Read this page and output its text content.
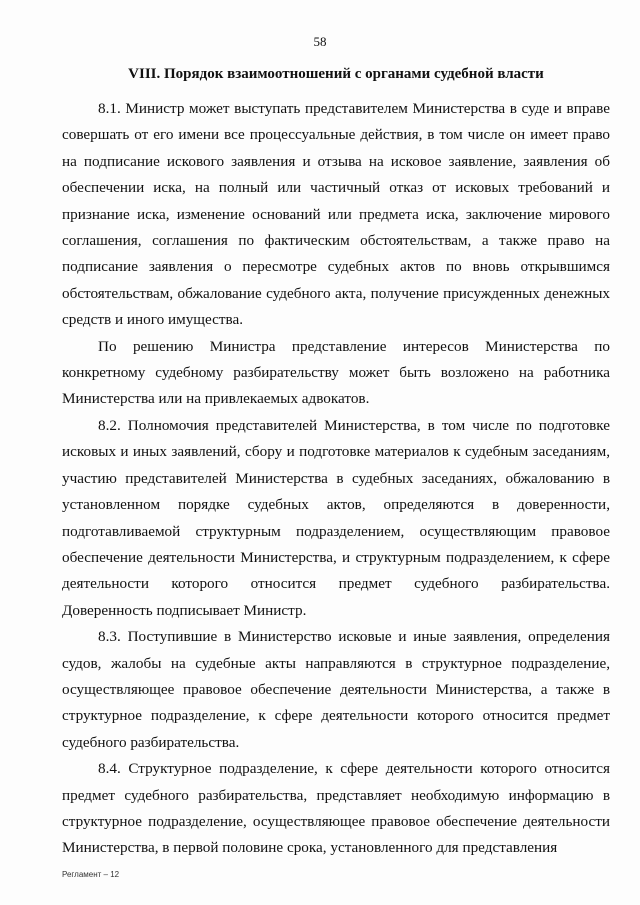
58
VIII. Порядок взаимоотношений с органами судебной власти

8.1. Министр может выступать представителем Министерства в суде и вправе совершать от его имени все процессуальные действия, в том числе он имеет право на подписание искового заявления и отзыва на исковое заявление, заявления об обеспечении иска, на полный или частичный отказ от исковых требований и признание иска, изменение оснований или предмета иска, заключение мирового соглашения, соглашения по фактическим обстоятельствам, а также право на подписание заявления о пересмотре судебных актов по вновь открывшимся обстоятельствам, обжалование судебного акта, получение присужденных денежных средств и иного имущества.

По решению Министра представление интересов Министерства по конкретному судебному разбирательству может быть возложено на работника Министерства или на привлекаемых адвокатов.

8.2. Полномочия представителей Министерства, в том числе по подготовке исковых и иных заявлений, сбору и подготовке материалов к судебным заседаниям, участию представителей Министерства в судебных заседаниях, обжалованию в установленном порядке судебных актов, определяются в доверенности, подготавливаемой структурным подразделением, осуществляющим правовое обеспечение деятельности Министерства, и структурным подразделением, к сфере деятельности которого относится предмет судебного разбирательства. Доверенность подписывает Министр.

8.3. Поступившие в Министерство исковые и иные заявления, определения судов, жалобы на судебные акты направляются в структурное подразделение, осуществляющее правовое обеспечение деятельности Министерства, а также в структурное подразделение, к сфере деятельности которого относится предмет судебного разбирательства.

8.4. Структурное подразделение, к сфере деятельности которого относится предмет судебного разбирательства, представляет необходимую информацию в структурное подразделение, осуществляющее правовое обеспечение деятельности Министерства, в первой половине срока, установленного для представления

Регламент – 12
